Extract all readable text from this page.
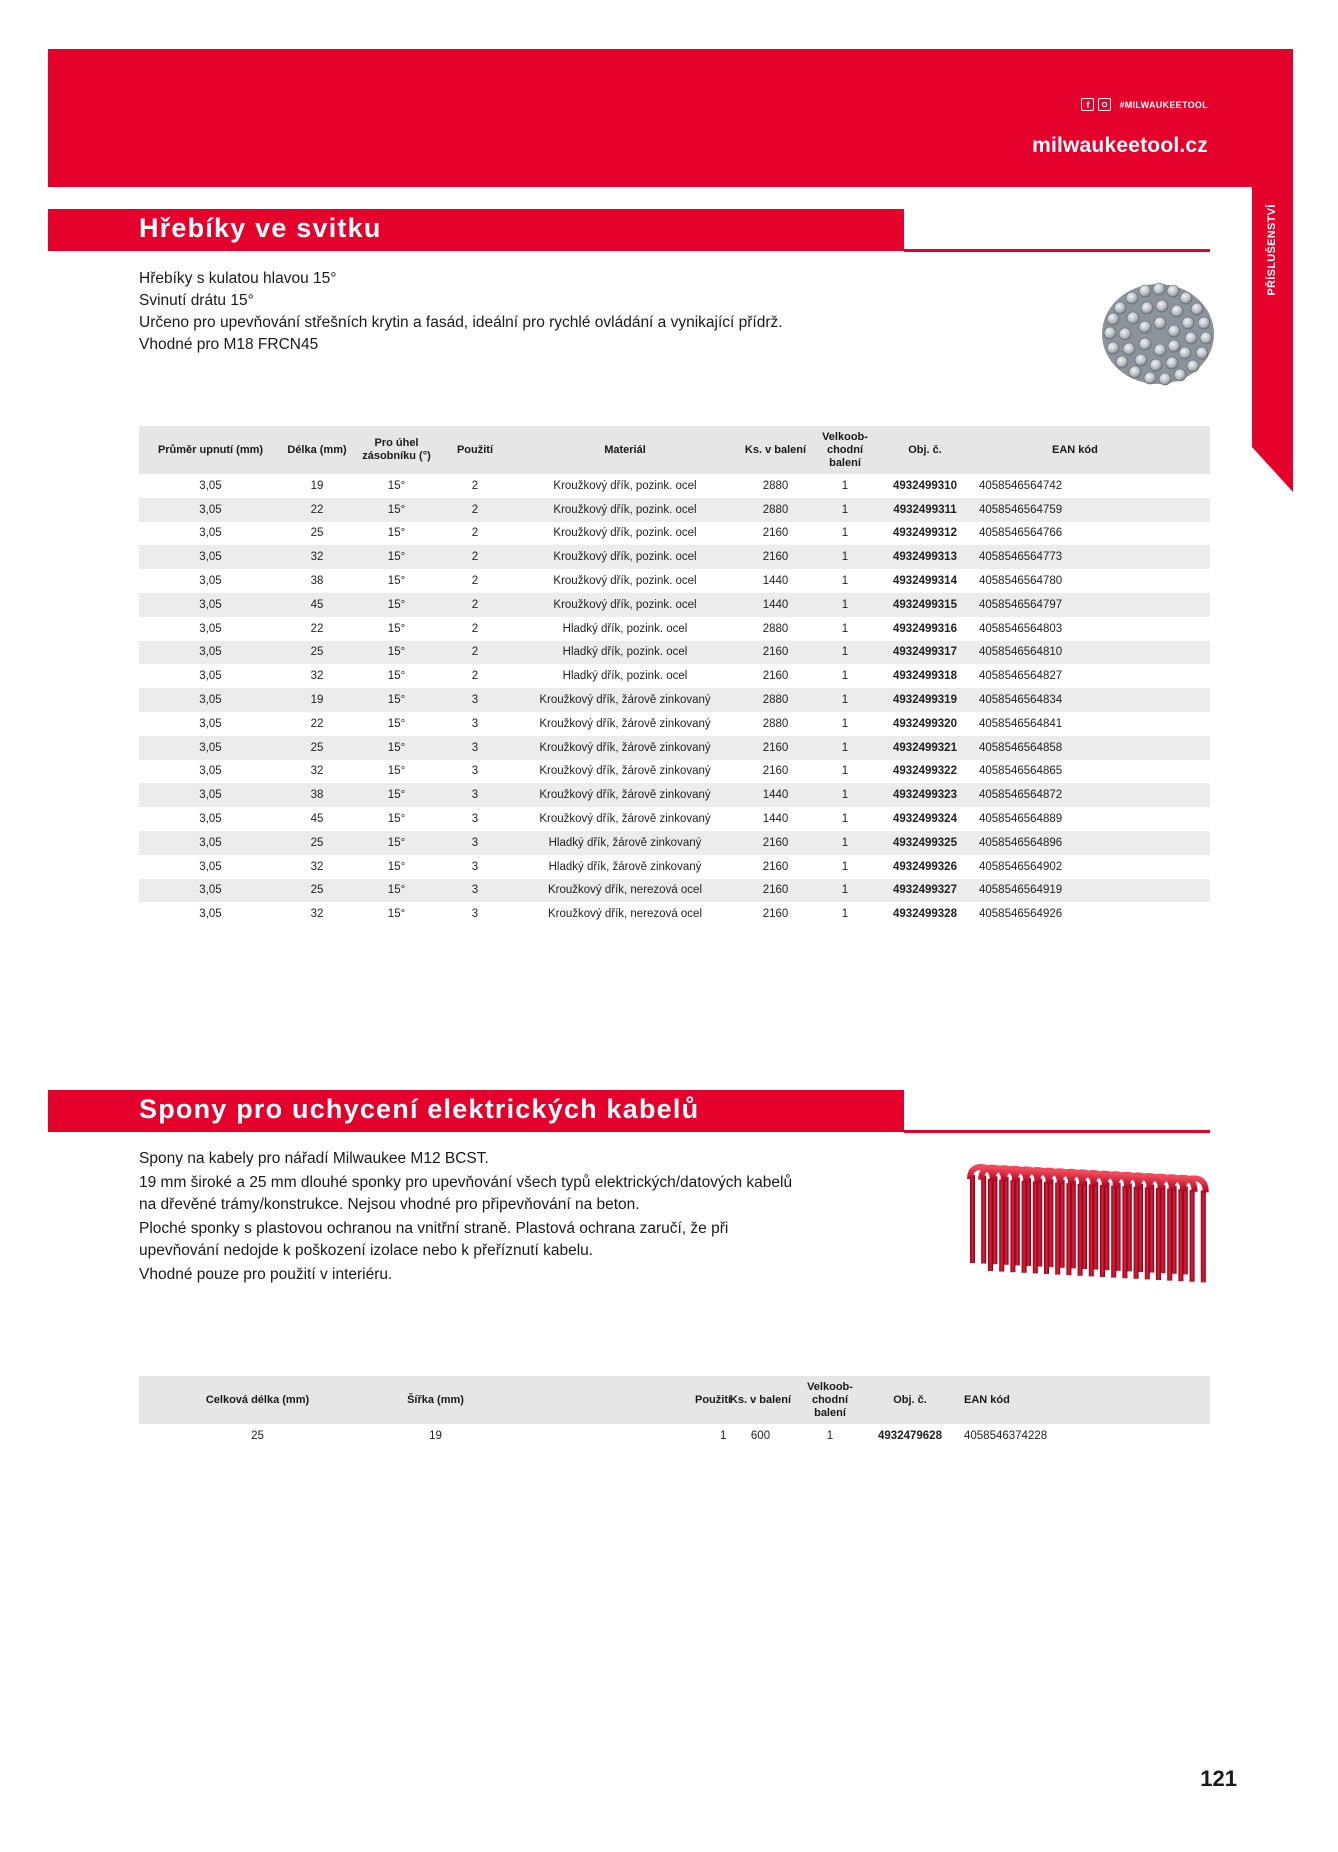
PŘÍSLUŠENSTVÍ
f	#MILWAUKEETOOL
milwaukeetool.cz
Hřebíky ve svitku
Hřebíky s kulatou hlavou 15°
Svinutí drátu 15°
Určeno pro upevňování střešních krytin a fasád, ideální pro rychlé ovládání a vynikající přídrž.
Vhodné pro M18 FRCN45
Průměr upnutí (mm)	Délka (mm)	Pro úhel zásobníku (°)	Použití	Materiál	Ks. v balení	Velkoob-chodní balení	Obj. č.	EAN kód
3,05	19	15°	2	Kroužkový dřík, pozink. ocel	2880	1	4932499310	4058546564742
3,05	22	15°	2	Kroužkový dřík, pozink. ocel	2880	1	4932499311	4058546564759
3,05	25	15°	2	Kroužkový dřík, pozink. ocel	2160	1	4932499312	4058546564766
3,05	32	15°	2	Kroužkový dřík, pozink. ocel	2160	1	4932499313	4058546564773
3,05	38	15°	2	Kroužkový dřík, pozink. ocel	1440	1	4932499314	4058546564780
3,05	45	15°	2	Kroužkový dřík, pozink. ocel	1440	1	4932499315	4058546564797
3,05	22	15°	2	Hladký dřík, pozink. ocel	2880	1	4932499316	4058546564803
3,05	25	15°	2	Hladký dřík, pozink. ocel	2160	1	4932499317	4058546564810
3,05	32	15°	2	Hladký dřík, pozink. ocel	2160	1	4932499318	4058546564827
3,05	19	15°	3	Kroužkový dřík, žárově zinkovaný	2880	1	4932499319	4058546564834
3,05	22	15°	3	Kroužkový dřík, žárově zinkovaný	2880	1	4932499320	4058546564841
3,05	25	15°	3	Kroužkový dřík, žárově zinkovaný	2160	1	4932499321	4058546564858
3,05	32	15°	3	Kroužkový dřík, žárově zinkovaný	2160	1	4932499322	4058546564865
3,05	38	15°	3	Kroužkový dřík, žárově zinkovaný	1440	1	4932499323	4058546564872
3,05	45	15°	3	Kroužkový dřík, žárově zinkovaný	1440	1	4932499324	4058546564889
3,05	25	15°	3	Hladký dřík, žárově zinkovaný	2160	1	4932499325	4058546564896
3,05	32	15°	3	Hladký dřík, žárově zinkovaný	2160	1	4932499326	4058546564902
3,05	25	15°	3	Kroužkový dřík, nerezová ocel	2160	1	4932499327	4058546564919
3,05	32	15°	3	Kroužkový dřík, nerezová ocel	2160	1	4932499328	4058546564926
Spony pro uchycení elektrických kabelů
Spony na kabely pro nářadí Milwaukee M12 BCST.
19 mm široké a 25 mm dlouhé sponky pro upevňování všech typů elektrických/datových kabelů
na dřevěné trámy/konstrukce. Nejsou vhodné pro připevňování na beton.
Ploché sponky s plastovou ochranou na vnitřní straně. Plastová ochrana zaručí, že při
upevňování nedojde k poškození izolace nebo k přeříznutí kabelu.
Vhodné pouze pro použití v interiéru.
Celková délka (mm)	Šířka (mm)	Použití	Ks. v balení	Velkoob-chodní balení	Obj. č.	EAN kód
25	19	1	600	1	4932479628	4058546374228
121
